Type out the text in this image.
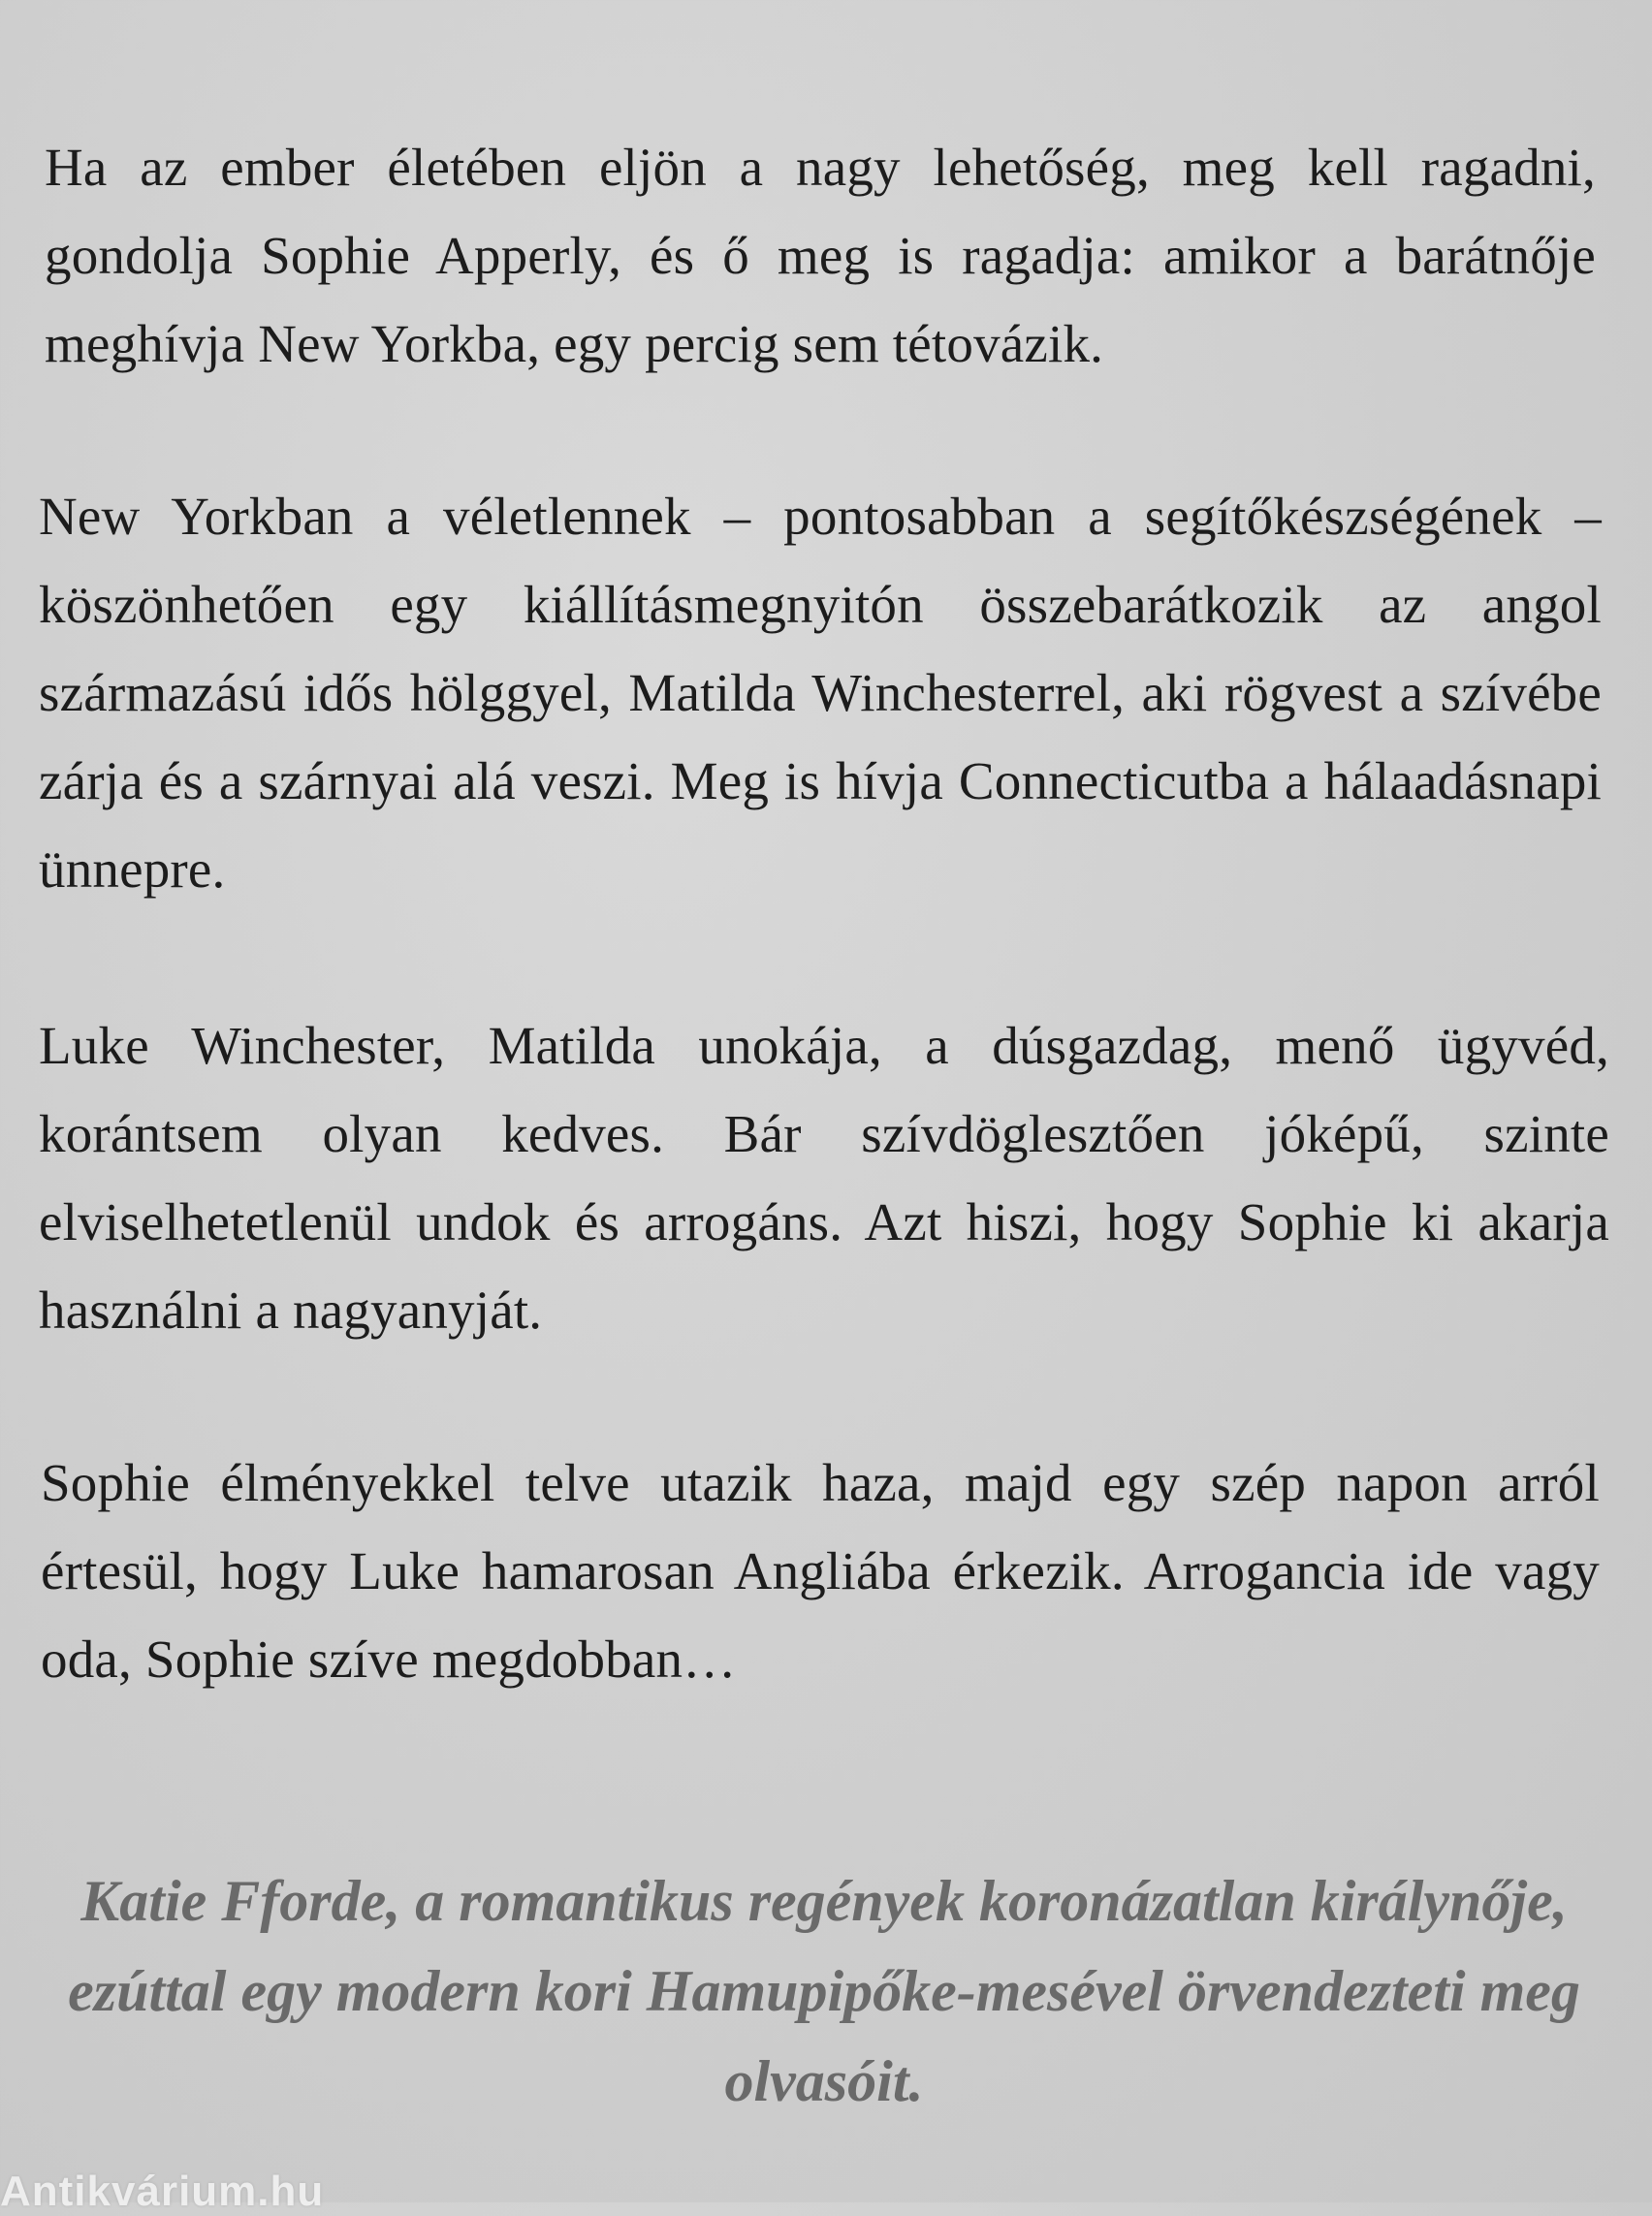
Ha az ember életében eljön a nagy lehetőség, meg kell ragadni, gondolja Sophie Apperly, és ő meg is ragadja: amikor a barátnője meghívja New Yorkba, egy percig sem tétovázik.

New Yorkban a véletlennek – pontosabban a segítőkészségének – köszönhetően egy kiállításmegnyitón összebarátkozik az angol származású idős hölggyel, Matilda Winchesterrel, aki rögvest a szívébe zárja és a szárnyai alá veszi. Meg is hívja Connecticutba a hálaadásnapi ünnepre.

Luke Winchester, Matilda unokája, a dúsgazdag, menő ügyvéd, korántsem olyan kedves. Bár szívdöglesztően jóképű, szinte elviselhetetlenül undok és arrogáns. Azt hiszi, hogy Sophie ki akarja használni a nagyanyját.

Sophie élményekkel telve utazik haza, majd egy szép napon arról értesül, hogy Luke hamarosan Angliába érkezik. Arrogancia ide vagy oda, Sophie szíve megdobban…

Katie Fforde, a romantikus regények koronázatlan királynője, ezúttal egy modern kori Hamupipőke-mesével örvendezteti meg olvasóit.

Antikvárium.hu
